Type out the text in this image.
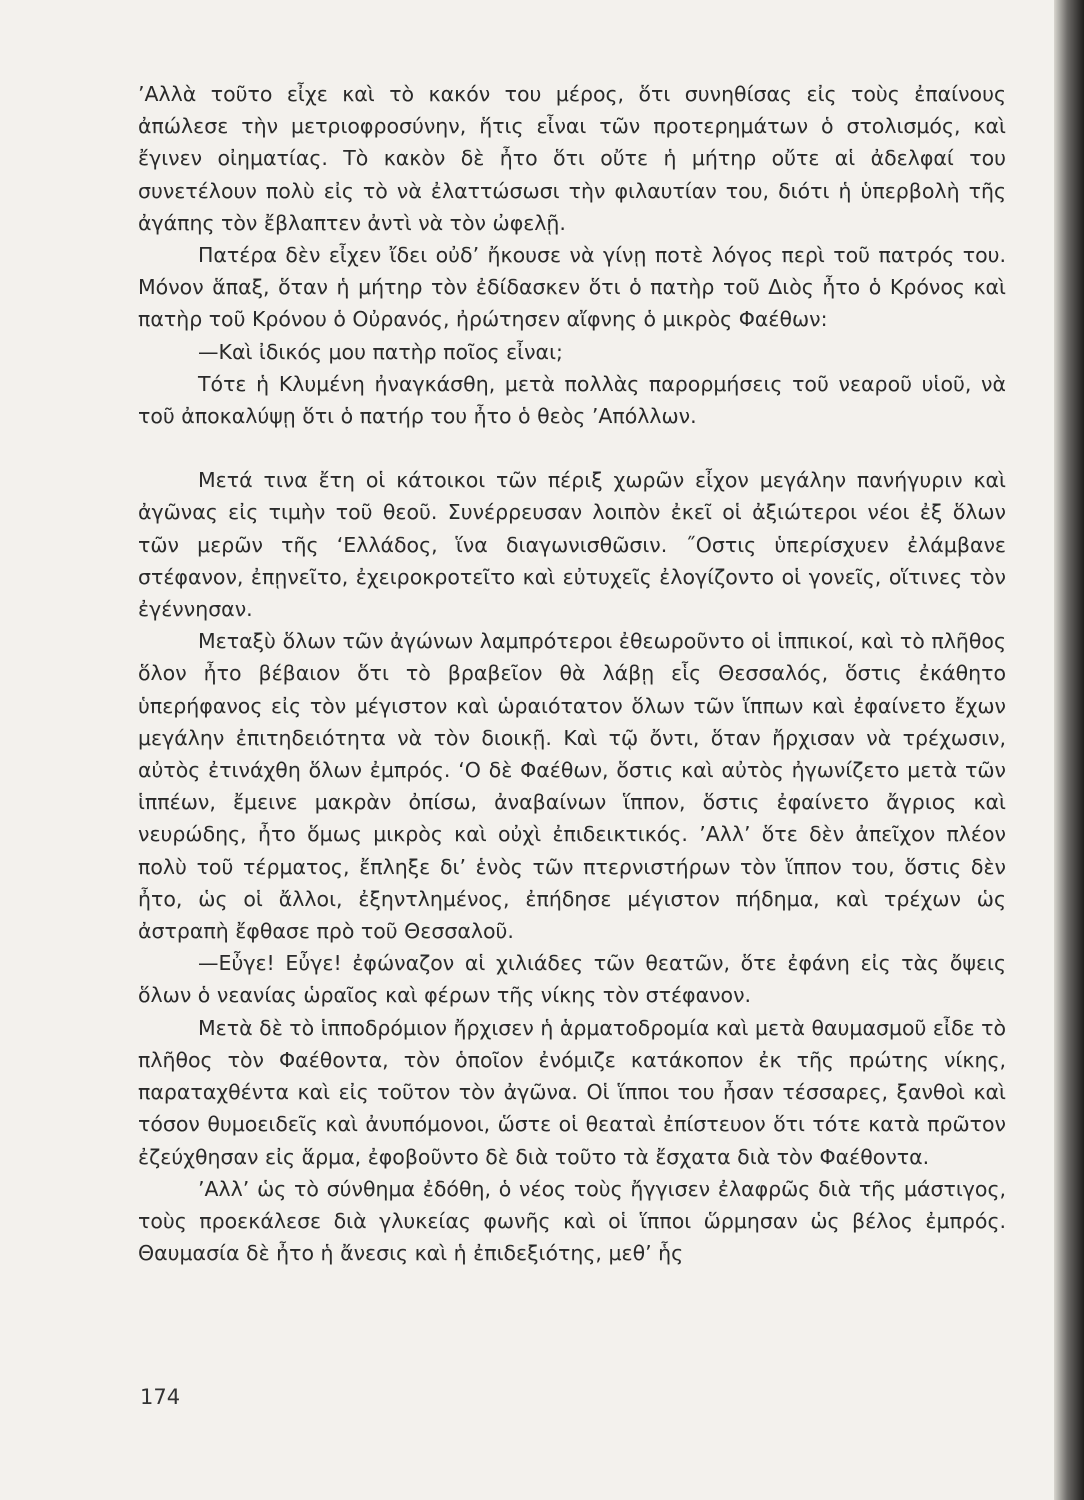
’Αλλὰ τοῦτο εἶχε καὶ τὸ κακόν του μέρος, ὅτι συνηθίσας εἰς τοὺς ἐπαίνους ἀπώλεσε τὴν μετριοφροσύνην, ἥτις εἶναι τῶν προτερημάτων ὁ στολισμός, καὶ ἔγινεν οἰηματίας. Τὸ κακὸν δὲ ἦτο ὅτι οὔτε ἡ μήτηρ οὔτε αἱ ἀδελφαί του συνετέλουν πολὺ εἰς τὸ νὰ ἐλαττώσωσι τὴν φιλαυτίαν του, διότι ἡ ὑπερβολὴ τῆς ἀγάπης τὸν ἔβλαπτεν ἀντὶ νὰ τὸν ὠφελῇ.

Πατέρα δὲν εἶχεν ἴδει οὐδ’ ἤκουσε νὰ γίνῃ ποτὲ λόγος περὶ τοῦ πατρός του. Μόνον ἅπαξ, ὅταν ἡ μήτηρ τὸν ἐδίδασκεν ὅτι ὁ πατὴρ τοῦ Διὸς ἦτο ὁ Κρόνος καὶ πατὴρ τοῦ Κρόνου ὁ Οὐρανός, ἠρώτησεν αἴφνης ὁ μικρὸς Φαέθων:

—Καὶ ἰδικός μου πατὴρ ποῖος εἶναι;

Τότε ἡ Κλυμένη ἠναγκάσθη, μετὰ πολλὰς παρορμήσεις τοῦ νεαροῦ υἱοῦ, νὰ τοῦ ἀποκαλύψῃ ὅτι ὁ πατήρ του ἦτο ὁ θεὸς ’Απόλλων.

Μετά τινα ἔτη οἱ κάτοικοι τῶν πέριξ χωρῶν εἶχον μεγάλην πανήγυριν καὶ ἀγῶνας εἰς τιμὴν τοῦ θεοῦ. Συνέρρευσαν λοιπὸν ἐκεῖ οἱ ἀξιώτεροι νέοι ἐξ ὅλων τῶν μερῶν τῆς ‘Ελλάδος, ἵνα διαγωνισθῶσιν. ˝Οστις ὑπερίσχυεν ἐλάμβανε στέφανον, ἐπῃνεῖτο, ἐχειροκροτεῖτο καὶ εὐτυχεῖς ἐλογίζοντο οἱ γονεῖς, οἵτινες τὸν ἐγέννησαν.

Μεταξὺ ὅλων τῶν ἀγώνων λαμπρότεροι ἐθεωροῦντο οἱ ἱππικοί, καὶ τὸ πλῆθος ὅλον ἦτο βέβαιον ὅτι τὸ βραβεῖον θὰ λάβῃ εἷς Θεσσαλός, ὅστις ἐκάθητο ὑπερήφανος εἰς τὸν μέγιστον καὶ ὡραιότατον ὅλων τῶν ἵππων καὶ ἐφαίνετο ἔχων μεγάλην ἐπιτηδειότητα νὰ τὸν διοικῇ. Καὶ τῷ ὄντι, ὅταν ἤρχισαν νὰ τρέχωσιν, αὐτὸς ἐτινάχθη ὅλων ἐμπρός. ‘Ο δὲ Φαέθων, ὅστις καὶ αὐτὸς ἠγωνίζετο μετὰ τῶν ἱππέων, ἔμεινε μακρὰν ὀπίσω, ἀναβαίνων ἵππον, ὅστις ἐφαίνετο ἄγριος καὶ νευρώδης, ἦτο ὅμως μικρὸς καὶ οὐχὶ ἐπιδεικτικός. ’Αλλ’ ὅτε δὲν ἀπεῖχον πλέον πολὺ τοῦ τέρματος, ἔπληξε δι’ ἑνὸς τῶν πτερνιστήρων τὸν ἵππον του, ὅστις δὲν ἦτο, ὡς οἱ ἄλλοι, ἐξηντλημένος, ἐπήδησε μέγιστον πήδημα, καὶ τρέχων ὡς ἀστραπὴ ἔφθασε πρὸ τοῦ Θεσσαλοῦ.

—Εὖγε! Εὖγε! ἐφώναζον αἱ χιλιάδες τῶν θεατῶν, ὅτε ἐφάνη εἰς τὰς ὄψεις ὅλων ὁ νεανίας ὡραῖος καὶ φέρων τῆς νίκης τὸν στέφανον.

Μετὰ δὲ τὸ ἱπποδρόμιον ἤρχισεν ἡ ἁρματοδρομία καὶ μετὰ θαυμασμοῦ εἶδε τὸ πλῆθος τὸν Φαέθοντα, τὸν ὁποῖον ἐνόμιζε κατάκοπον ἐκ τῆς πρώτης νίκης, παραταχθέντα καὶ εἰς τοῦτον τὸν ἀγῶνα. Οἱ ἵπποι του ἦσαν τέσσαρες, ξανθοὶ καὶ τόσον θυμοειδεῖς καὶ ἀνυπόμονοι, ὥστε οἱ θεαταὶ ἐπίστευον ὅτι τότε κατὰ πρῶτον ἐζεύχθησαν εἰς ἅρμα, ἐφοβοῦντο δὲ διὰ τοῦτο τὰ ἔσχατα διὰ τὸν Φαέθοντα.

’Αλλ’ ὡς τὸ σύνθημα ἐδόθη, ὁ νέος τοὺς ἤγγισεν ἐλαφρῶς διὰ τῆς μάστιγος, τοὺς προεκάλεσε διὰ γλυκείας φωνῆς καὶ οἱ ἵπποι ὥρμησαν ὡς βέλος ἐμπρός. Θαυμασία δὲ ἦτο ἡ ἄνεσις καὶ ἡ ἐπιδεξιότης, μεθ’ ἧς

174
